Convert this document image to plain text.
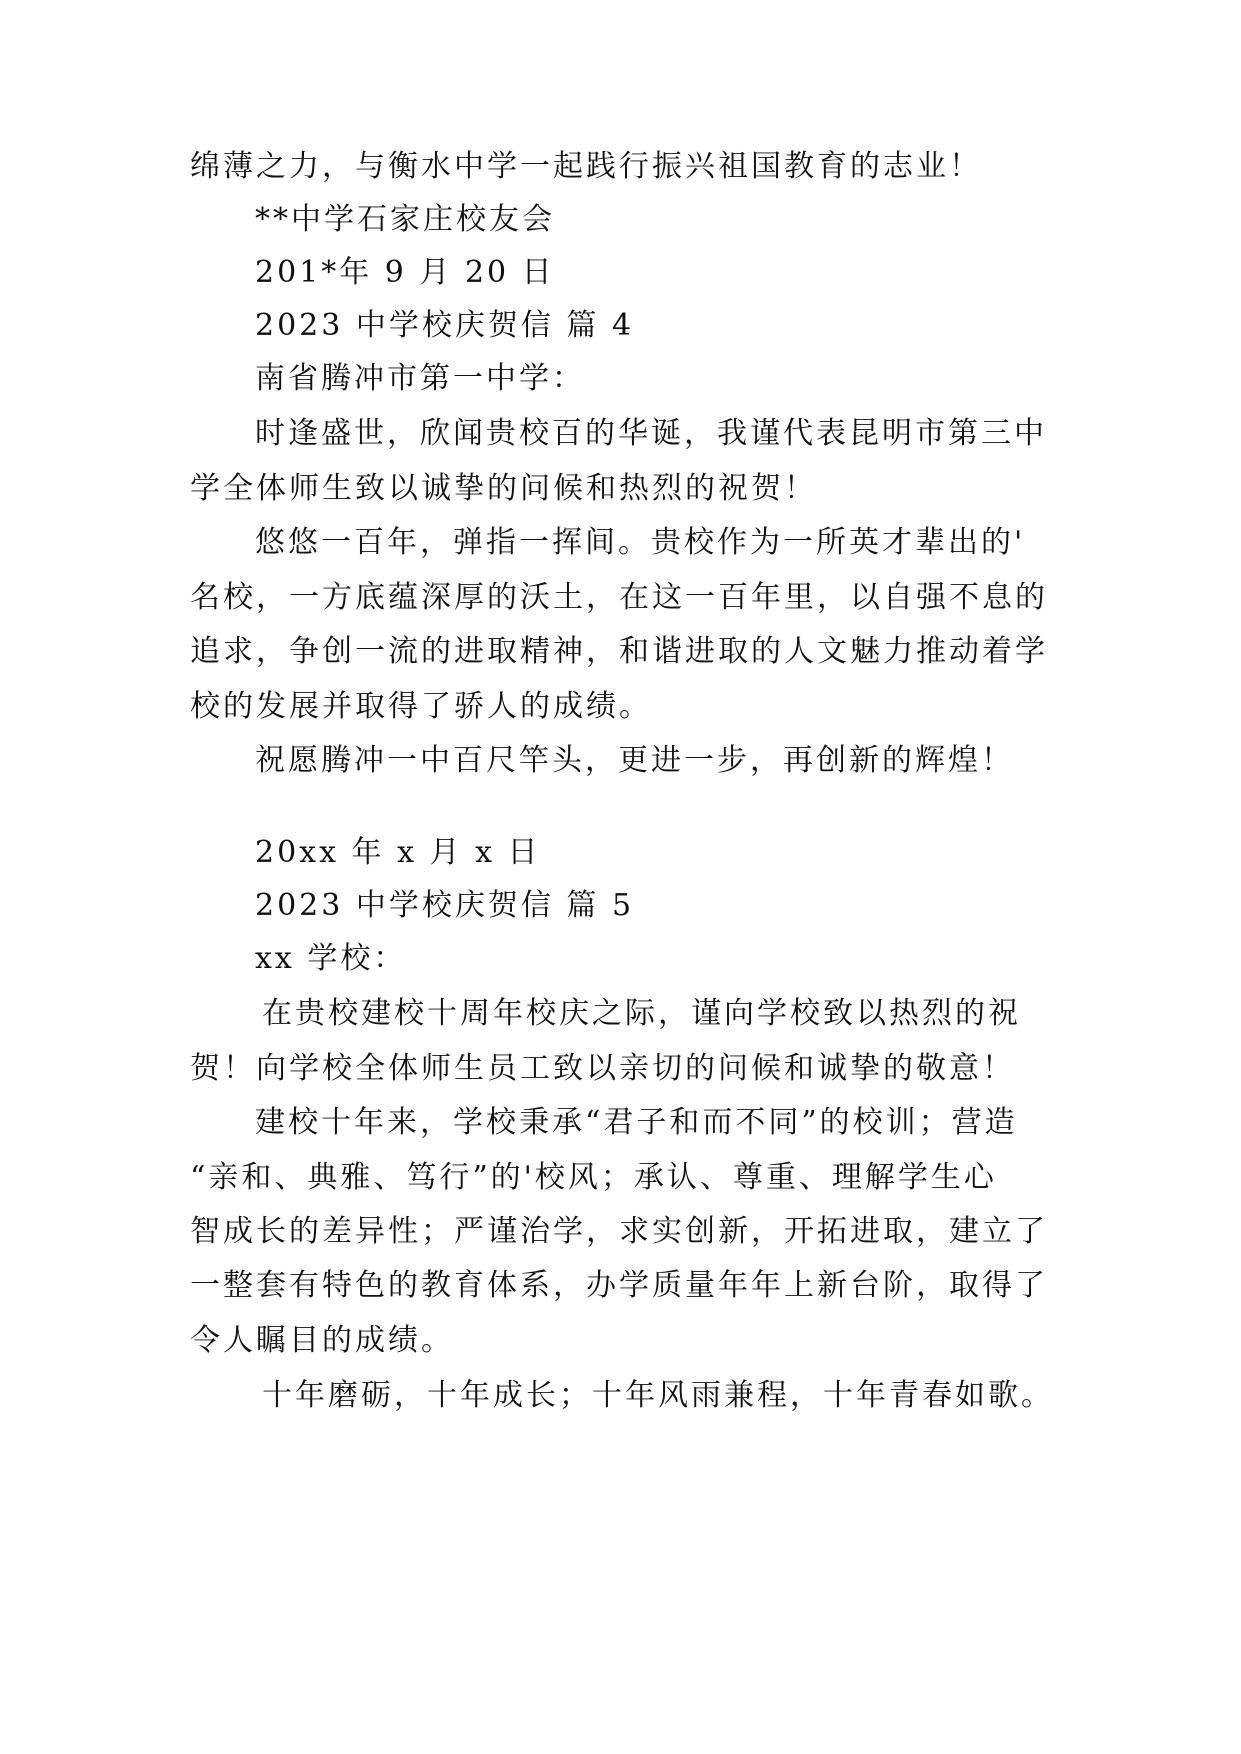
绵薄之力，与衡水中学一起践行振兴祖国教育的志业！
**中学石家庄校友会
201*年 9 月 20 日
2023 中学校庆贺信 篇 4
南省腾冲市第一中学：
时逢盛世，欣闻贵校百的华诞，我谨代表昆明市第三中
学全体师生致以诚挚的问候和热烈的祝贺！
悠悠一百年，弹指一挥间。贵校作为一所英才辈出的'
名校，一方底蕴深厚的沃土，在这一百年里，以自强不息的
追求，争创一流的进取精神，和谐进取的人文魅力推动着学
校的发展并取得了骄人的成绩。
祝愿腾冲一中百尺竿头，更进一步，再创新的辉煌！
20xx 年 x 月 x 日
2023 中学校庆贺信 篇 5
xx 学校：
在贵校建校十周年校庆之际，谨向学校致以热烈的祝
贺！向学校全体师生员工致以亲切的问候和诚挚的敬意！
建校十年来，学校秉承“君子和而不同”的校训；营造
“亲和、典雅、笃行”的'校风；承认、尊重、理解学生心
智成长的差异性；严谨治学，求实创新，开拓进取，建立了
一整套有特色的教育体系，办学质量年年上新台阶，取得了
令人瞩目的成绩。
十年磨砺，十年成长；十年风雨兼程，十年青春如歌。
